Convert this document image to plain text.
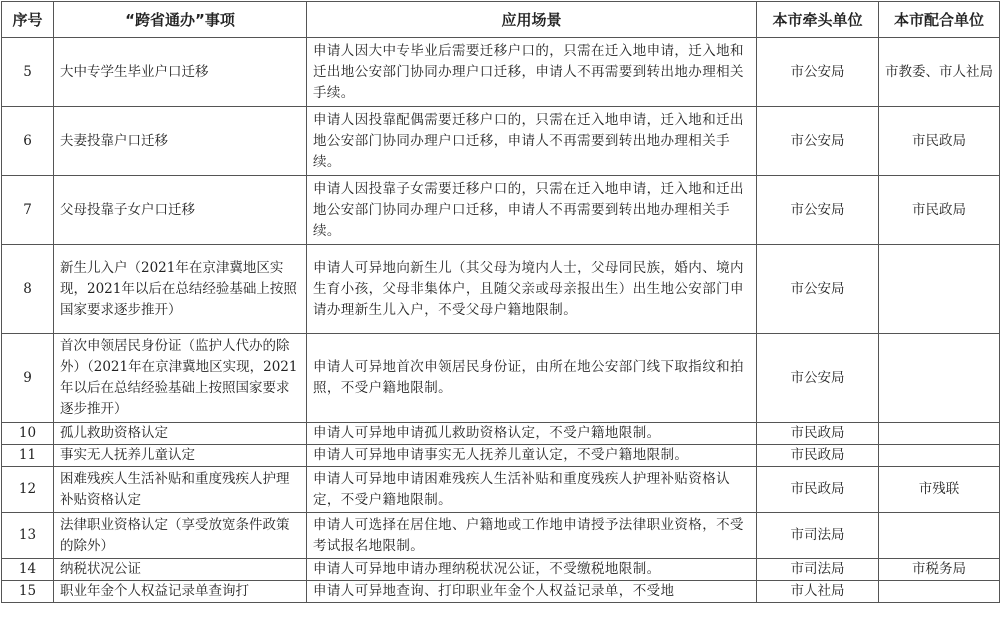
序号	“跨省通办”事项	应用场景	本市牵头单位	本市配合单位
5	大中专学生毕业户口迁移	申请人因大中专毕业后需要迁移户口的，只需在迁入地申请，迁入地和迁出地公安部门协同办理户口迁移，申请人不再需要到转出地办理相关手续。	市公安局	市教委、市人社局
6	夫妻投靠户口迁移	申请人因投靠配偶需要迁移户口的，只需在迁入地申请，迁入地和迁出地公安部门协同办理户口迁移，申请人不再需要到转出地办理相关手续。	市公安局	市民政局
7	父母投靠子女户口迁移	申请人因投靠子女需要迁移户口的，只需在迁入地申请，迁入地和迁出地公安部门协同办理户口迁移，申请人不再需要到转出地办理相关手续。	市公安局	市民政局
8	新生儿入户（2021年在京津冀地区实现，2021年以后在总结经验基础上按照国家要求逐步推开）	申请人可异地向新生儿（其父母为境内人士，父母同民族，婚内、境内生育小孩，父母非集体户，且随父亲或母亲报出生）出生地公安部门申请办理新生儿入户，不受父母户籍地限制。	市公安局	
9	首次申领居民身份证（监护人代办的除外）（2021年在京津冀地区实现，2021年以后在总结经验基础上按照国家要求逐步推开）	申请人可异地首次申领居民身份证，由所在地公安部门线下取指纹和拍照，不受户籍地限制。	市公安局	
10	孤儿救助资格认定	申请人可异地申请孤儿救助资格认定，不受户籍地限制。	市民政局	
11	事实无人抚养儿童认定	申请人可异地申请事实无人抚养儿童认定，不受户籍地限制。	市民政局	
12	困难残疾人生活补贴和重度残疾人护理补贴资格认定	申请人可异地申请困难残疾人生活补贴和重度残疾人护理补贴资格认定，不受户籍地限制。	市民政局	市残联
13	法律职业资格认定（享受放宽条件政策的除外）	申请人可选择在居住地、户籍地或工作地申请授予法律职业资格，不受考试报名地限制。	市司法局	
14	纳税状况公证	申请人可异地申请办理纳税状况公证，不受缴税地限制。	市司法局	市税务局
15	职业年金个人权益记录单查询打	申请人可异地查询、打印职业年金个人权益记录单，不受地	市人社局	
